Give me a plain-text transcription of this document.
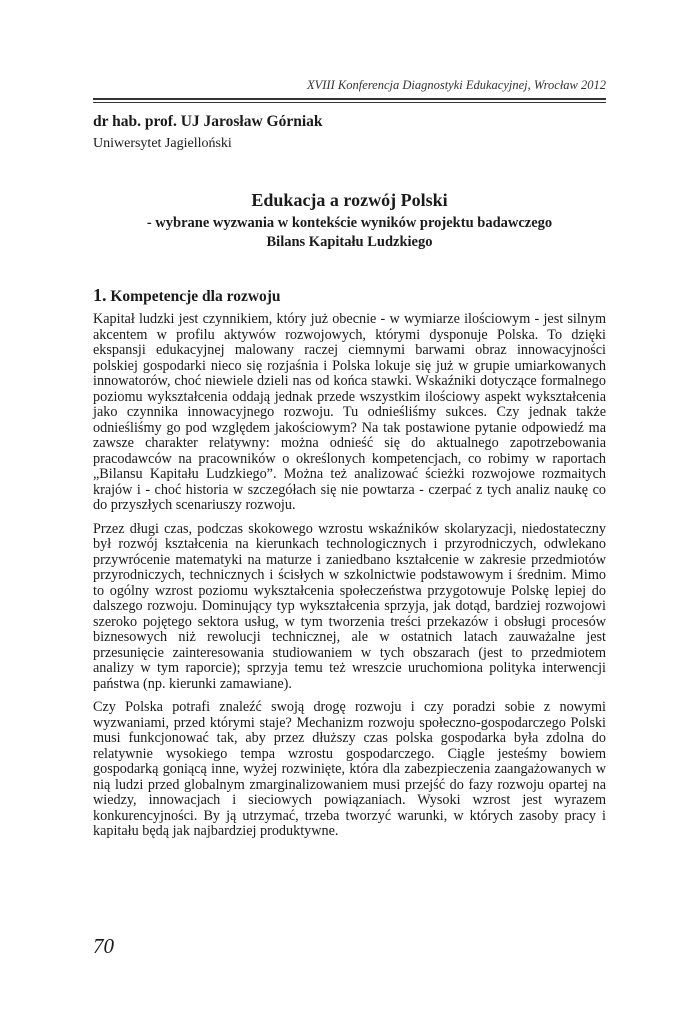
XVIII Konferencja Diagnostyki Edukacyjnej, Wrocław 2012
dr hab. prof. UJ Jarosław Górniak
Uniwersytet Jagielloński
Edukacja a rozwój Polski
- wybrane wyzwania w kontekście wyników projektu badawczego
Bilans Kapitału Ludzkiego
1. Kompetencje dla rozwoju

Kapitał ludzki jest czynnikiem, który już obecnie - w wymiarze ilościowym - jest silnym akcentem w profilu aktywów rozwojowych, którymi dysponuje Polska. To dzięki ekspansji edukacyjnej malowany raczej ciemnymi barwami obraz innowacyjności polskiej gospodarki nieco się rozjaśnia i Polska lokuje się już w grupie umiarkowanych innowatorów, choć niewiele dzieli nas od końca stawki. Wskaźniki dotyczące formalnego poziomu wykształcenia oddają jednak przede wszystkim ilościowy aspekt wykształcenia jako czynnika innowacyjnego rozwoju. Tu odnieśliśmy sukces. Czy jednak także odnieśliśmy go pod względem jakościowym? Na tak postawione pytanie odpowiedź ma zawsze charakter relatywny: można odnieść się do aktualnego zapotrzebowania pracodawców na pracowników o określonych kompetencjach, co robimy w raportach „Bilansu Kapitału Ludzkiego”. Można też analizować ścieżki rozwojowe rozmaitych krajów i - choć historia w szczegółach się nie powtarza - czerpać z tych analiz naukę co do przyszłych scenariuszy rozwoju.

Przez długi czas, podczas skokowego wzrostu wskaźników skolaryzacji, niedostateczny był rozwój kształcenia na kierunkach technologicznych i przyrodniczych, odwlekano przywrócenie matematyki na maturze i zaniedbano kształcenie w zakresie przedmiotów przyrodniczych, technicznych i ścisłych w szkolnictwie podstawowym i średnim. Mimo to ogólny wzrost poziomu wykształcenia społeczeństwa przygotowuje Polskę lepiej do dalszego rozwoju. Dominujący typ wykształcenia sprzyja, jak dotąd, bardziej rozwojowi szeroko pojętego sektora usług, w tym tworzenia treści przekazów i obsługi procesów biznesowych niż rewolucji technicznej, ale w ostatnich latach zauważalne jest przesunięcie zainteresowania studiowaniem w tych obszarach (jest to przedmiotem analizy w tym raporcie); sprzyja temu też wreszcie uruchomiona polityka interwencji państwa (np. kierunki zamawiane).

Czy Polska potrafi znaleźć swoją drogę rozwoju i czy poradzi sobie z nowymi wyzwaniami, przed którymi staje? Mechanizm rozwoju społeczno-gospodarczego Polski musi funkcjonować tak, aby przez dłuższy czas polska gospodarka była zdolna do relatywnie wysokiego tempa wzrostu gospodarczego. Ciągle jesteśmy bowiem gospodarką goniącą inne, wyżej rozwinięte, która dla zabezpieczenia zaangażowanych w nią ludzi przed globalnym zmarginalizowaniem musi przejść do fazy rozwoju opartej na wiedzy, innowacjach i sieciowych powiązaniach. Wysoki wzrost jest wyrazem konkurencyjności. By ją utrzymać, trzeba tworzyć warunki, w których zasoby pracy i kapitału będą jak najbardziej produktywne.

70
